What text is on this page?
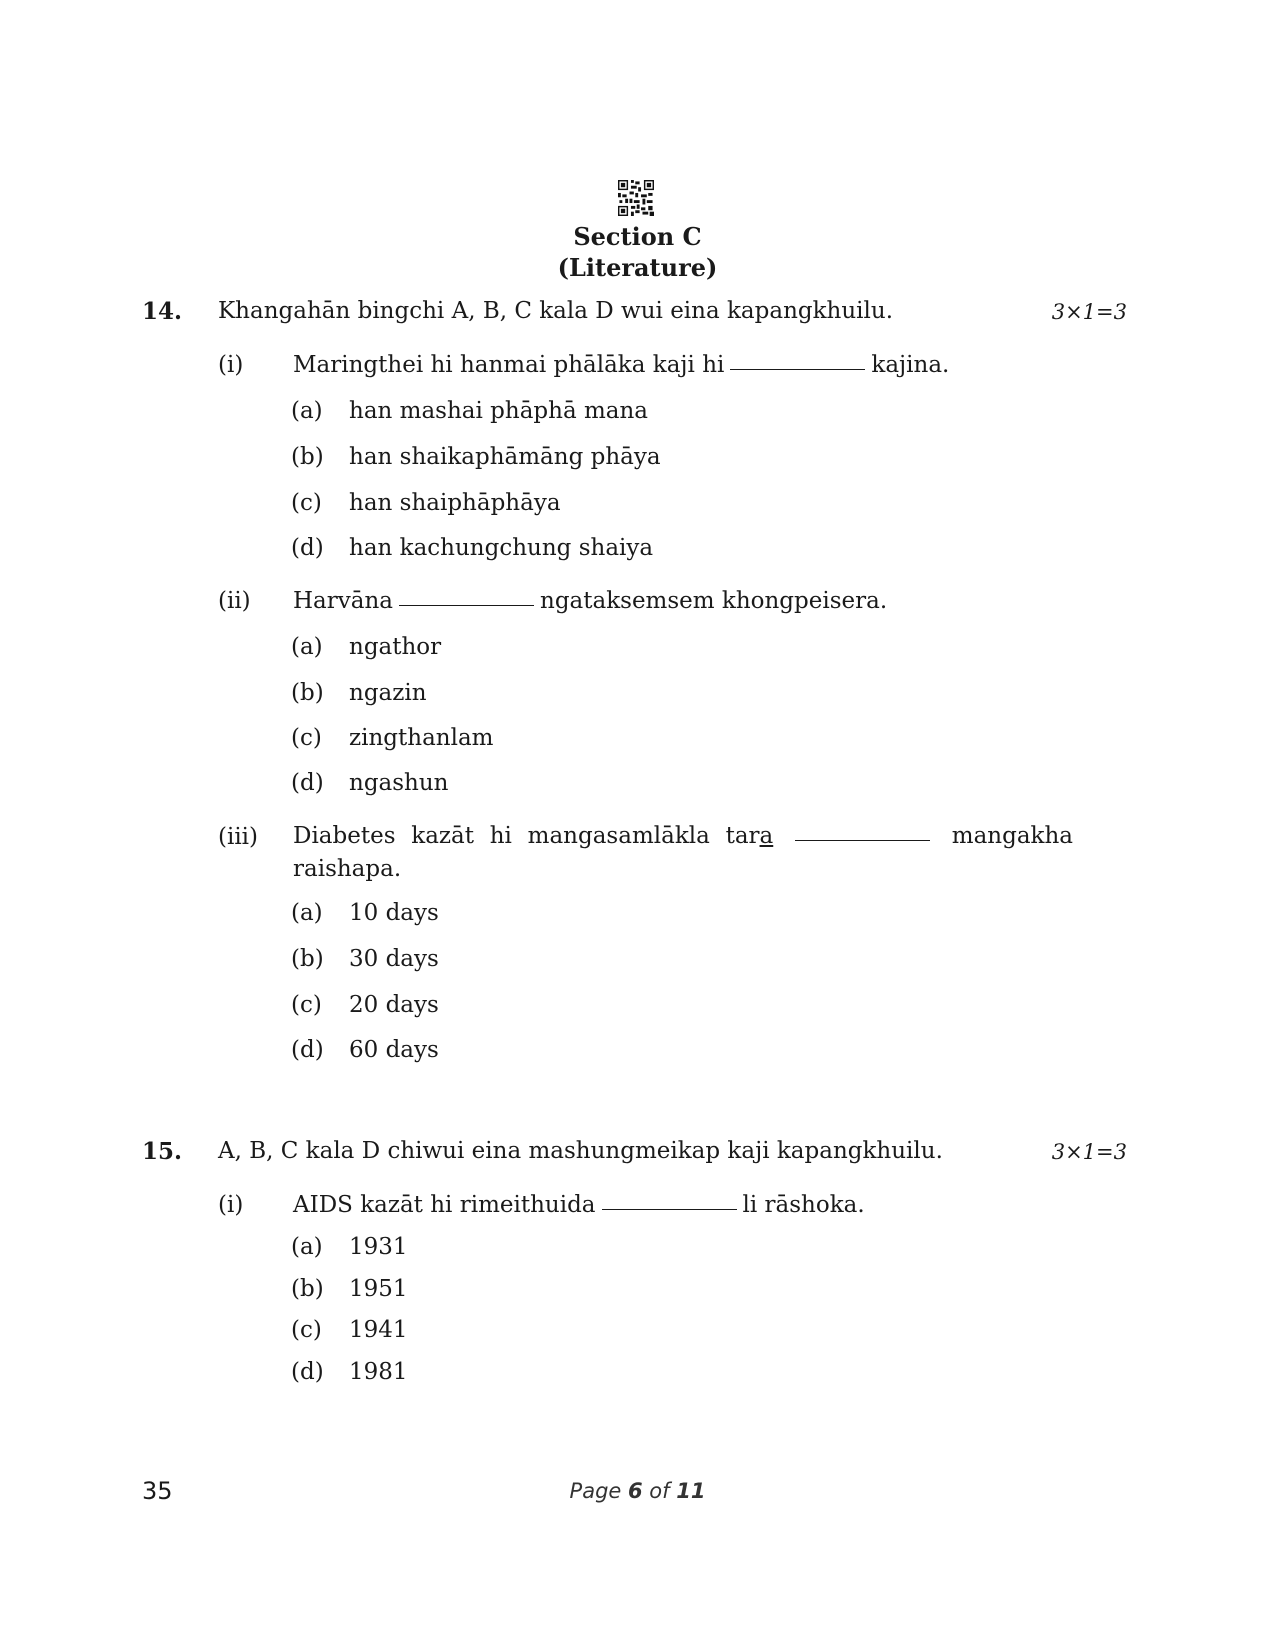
Section C
(Literature)
14. Khangahān bingchi A, B, C kala D wui eina kapangkhuilu.	3×1=3
(i) Maringthei hi hanmai phālāka kaji hi	kajina.
(a) han mashai phāphā mana
(b) han shaikaphāmāng phāya
(c) han shaiphāphāya
(d) han kachungchung shaiya
(ii) Harvāna	ngataksemsem khongpeisera.
(a) ngathor
(b) ngazin
(c) zingthanlam
(d) ngashun
(iii) Diabetes kazāt hi mangasamlākla tara	mangakha raishapa.
(a) 10 days
(b) 30 days
(c) 20 days
(d) 60 days
15. A, B, C kala D chiwui eina mashungmeikap kaji kapangkhuilu.	3×1=3
(i) AIDS kazāt hi rimeithuida	li rāshoka.
(a) 1931
(b) 1951
(c) 1941
(d) 1981
35	Page 6 of 11
